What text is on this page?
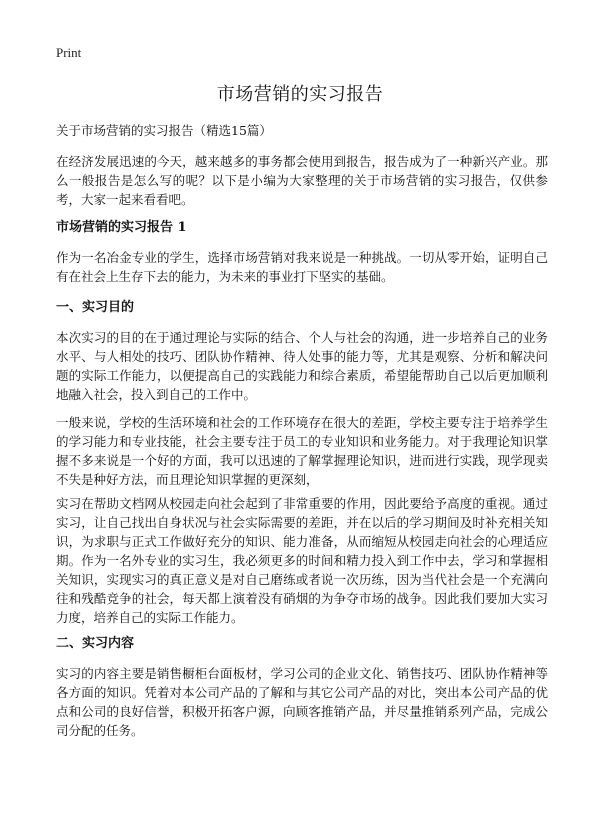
Print
市场营销的实习报告

关于市场营销的实习报告（精选15篇）

在经济发展迅速的今天，越来越多的事务都会使用到报告，报告成为了一种新兴产业。那么一般报告是怎么写的呢？以下是小编为大家整理的关于市场营销的实习报告，仅供参考，大家一起来看看吧。

市场营销的实习报告 1

作为一名冶金专业的学生，选择市场营销对我来说是一种挑战。一切从零开始，证明自己有在社会上生存下去的能力，为未来的事业打下坚实的基础。

一、实习目的

本次实习的目的在于通过理论与实际的结合、个人与社会的沟通，进一步培养自己的业务水平、与人相处的技巧、团队协作精神、待人处事的能力等，尤其是观察、分析和解决问题的实际工作能力，以便提高自己的实践能力和综合素质，希望能帮助自己以后更加顺利地融入社会，投入到自己的工作中。

一般来说，学校的生活环境和社会的工作环境存在很大的差距，学校主要专注于培养学生的学习能力和专业技能，社会主要专注于员工的专业知识和业务能力。对于我理论知识掌握不多来说是一个好的方面，我可以迅速的了解掌握理论知识，进而进行实践，现学现卖不失是种好方法，而且理论知识掌握的更深刻，

实习在帮助文档网从校园走向社会起到了非常重要的作用，因此要给予高度的重视。通过实习，让自己找出自身状况与社会实际需要的差距，并在以后的学习期间及时补充相关知识，为求职与正式工作做好充分的知识、能力准备，从而缩短从校园走向社会的心理适应期。作为一名外专业的实习生，我必须更多的时间和精力投入到工作中去，学习和掌握相关知识，实现实习的真正意义是对自己磨练或者说一次历练，因为当代社会是一个充满向往和残酷竞争的社会，每天都上演着没有硝烟的为争夺市场的战争。因此我们要加大实习力度，培养自己的实际工作能力。

二、实习内容

实习的内容主要是销售橱柜台面板材，学习公司的企业文化、销售技巧、团队协作精神等各方面的知识。凭着对本公司产品的了解和与其它公司产品的对比，突出本公司产品的优点和公司的良好信誉，积极开拓客户源，向顾客推销产品，并尽量推销系列产品，完成公司分配的任务。
